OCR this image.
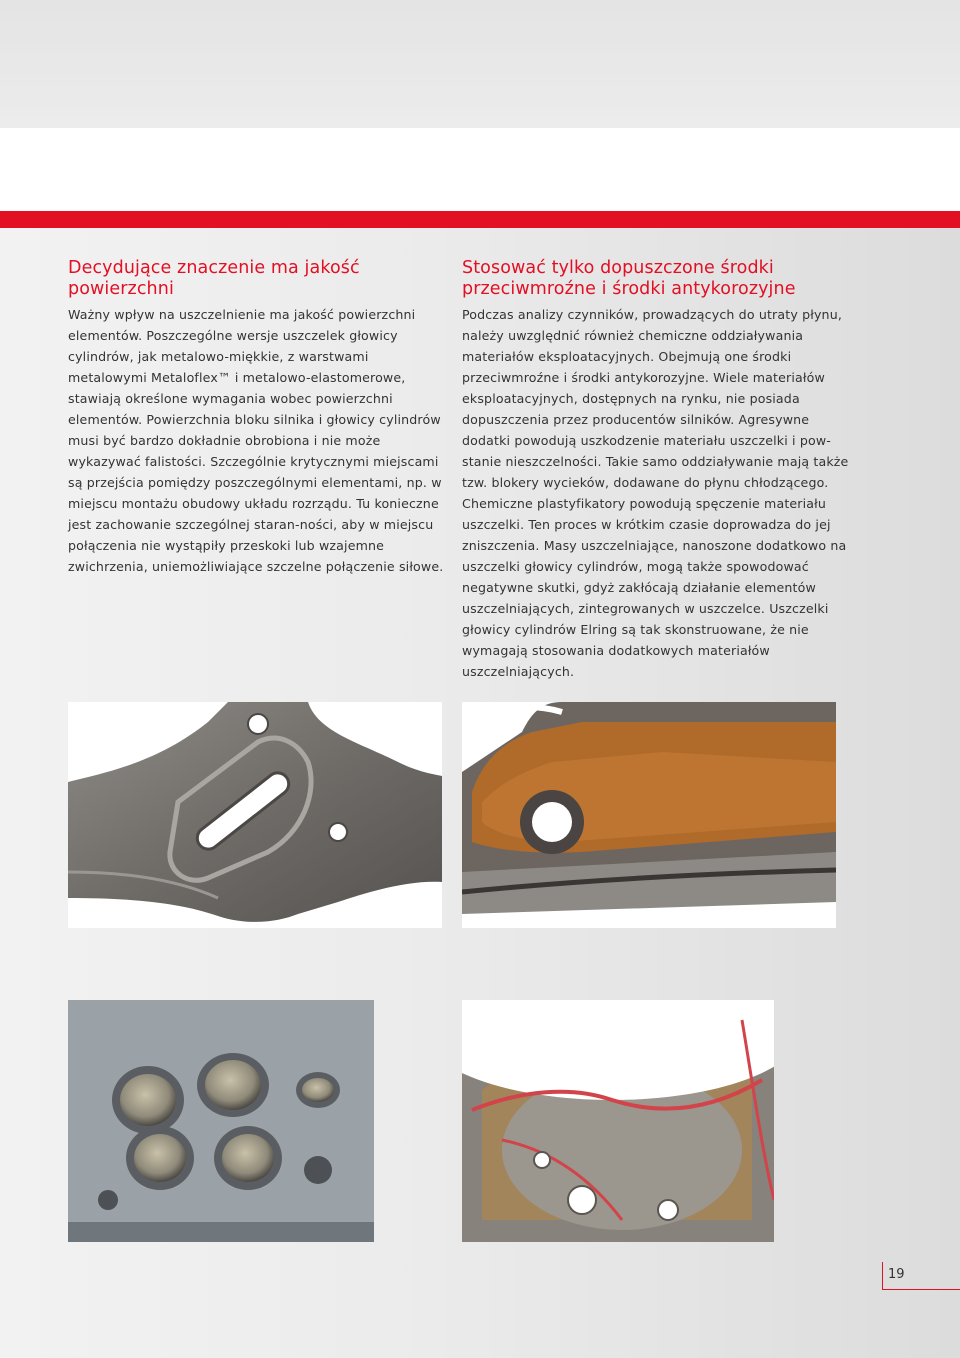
Decydujące znaczenie ma jakość
powierzchni

Ważny wpływ na uszczelnienie ma jakość powierzchni elementów. Poszczególne wersje uszczelek głowicy cylindrów, jak metalowo-miękkie, z warstwami metalowymi Metaloflex™ i metalowo-elastomerowe, stawiają określone wymagania wobec powierzchni elementów. Powierzchnia bloku silnika i głowicy cylindrów musi być bardzo dokładnie obrobiona i nie może wykazywać falistości. Szczególnie krytycznymi miejscami są przejścia pomiędzy poszczególnymi elementami, np. w miejscu montażu obudowy układu rozrządu. Tu konieczne jest zachowanie szczególnej staran-ności, aby w miejscu połączenia nie wystąpiły przeskoki lub wzajemne zwichrzenia, uniemożliwiające szczelne połączenie siłowe.

Stosować tylko dopuszczone środki
przeciwmroźne i środki antykorozyjne

Podczas analizy czynników, prowadzących do utraty płynu, należy uwzględnić również chemiczne oddziaływania materiałów eksploatacyjnych. Obejmują one środki przeciwmroźne i środki antykorozyjne. Wiele materiałów eksploatacyjnych, dostępnych na rynku, nie posiada dopuszczenia przez producentów silników. Agresywne dodatki powodują uszkodzenie materiału uszczelki i pow-stanie nieszczelności. Takie samo oddziaływanie mają także tzw. blokery wycieków, dodawane do płynu chłodzącego. Chemiczne plastyfikatory powodują spęczenie materiału uszczelki. Ten proces w krótkim czasie doprowadza do jej zniszczenia. Masy uszczelniające, nanoszone dodatkowo na uszczelki głowicy cylindrów, mogą także spowodować negatywne skutki, gdyż zakłócają działanie elementów uszczelniających, zintegrowanych w uszczelce. Uszczelki głowicy cylindrów Elring są tak skonstruowane, że nie wymagają stosowania dodatkowych materiałów uszczelniających.

19
